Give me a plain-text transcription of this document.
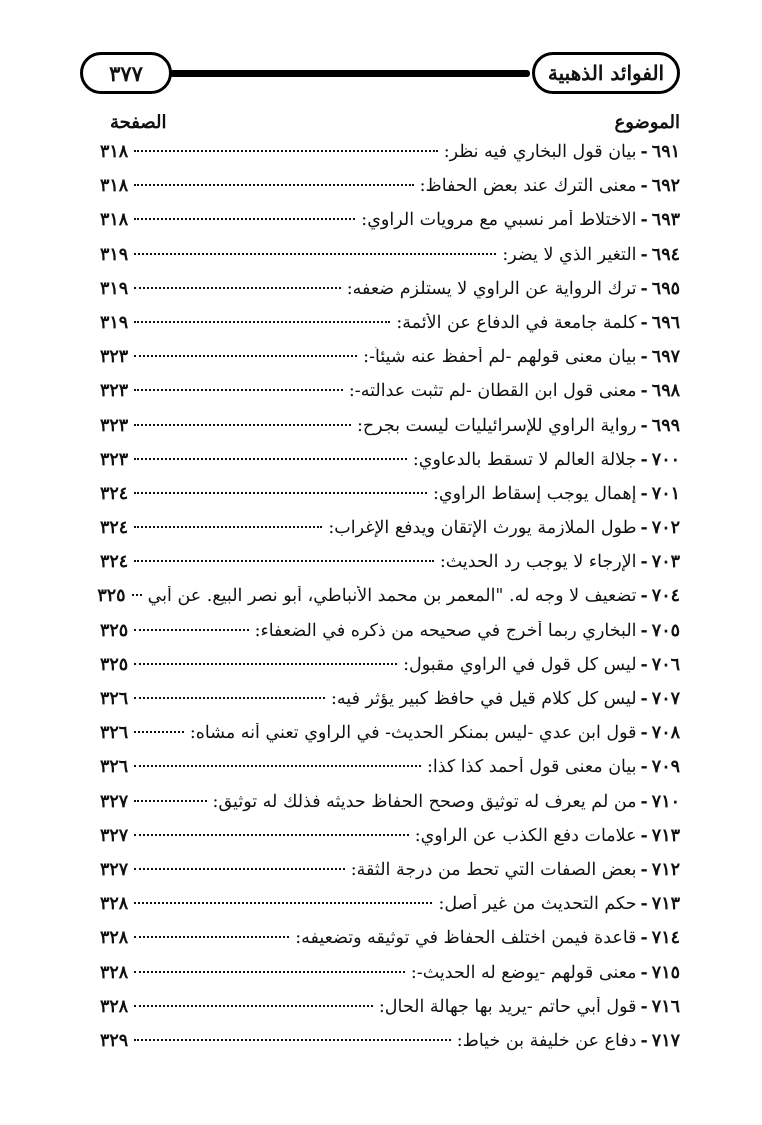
الفوائد الذهبية
٣٧٧
الموضوع
الصفحة
٦٩١
-
بيان قول البخاري فيه نظر:
٣١٨
٦٩٢
-
معنى الترك عند بعض الحفاظ:
٣١٨
٦٩٣
-
الاختلاط أمر نسبي مع مرويات الراوي:
٣١٨
٦٩٤
-
التغير الذي لا يضر:
٣١٩
٦٩٥
-
ترك الرواية عن الراوي لا يستلزم ضعفه:
٣١٩
٦٩٦
-
كلمة جامعة في الدفاع عن الأئمة:
٣١٩
٦٩٧
-
بيان معنى قولهم -لم أحفظ عنه شيئاً-:
٣٢٣
٦٩٨
-
معنى قول ابن القطان -لم تثبت عدالته-:
٣٢٣
٦٩٩
-
رواية الراوي للإسرائيليات ليست بجرح:
٣٢٣
٧٠٠
-
جلالة العالم لا تسقط بالدعاوي:
٣٢٣
٧٠١
-
إهمال يوجب إسقاط الراوي:
٣٢٤
٧٠٢
-
طول الملازمة يورث الإتقان ويدفع الإغراب:
٣٢٤
٧٠٣
-
الإرجاء لا يوجب رد الحديث:
٣٢٤
٧٠٤
-
تضعيف لا وجه له. "المعمر بن محمد الأنباطي، أبو نصر البيع. عن أبي
٣٢٥
٧٠٥
-
البخاري ربما أخرج في صحيحه من ذكره في الضعفاء:
٣٢٥
٧٠٦
-
ليس كل قول في الراوي مقبول:
٣٢٥
٧٠٧
-
ليس كل كلام قيل في حافظ كبير يؤثر فيه:
٣٢٦
٧٠٨
-
قول ابن عدي -ليس بمنكر الحديث- في الراوي تعني أنه مشاه:
٣٢٦
٧٠٩
-
بيان معنى قول أحمد كذا كذا:
٣٢٦
٧١٠
-
من لم يعرف له توثيق وصحح الحفاظ حديثه فذلك له توثيق:
٣٢٧
٧١٣
-
علامات دفع الكذب عن الراوي:
٣٢٧
٧١٢
-
بعض الصفات التي تحط من درجة الثقة:
٣٢٧
٧١٣
-
حكم التحديث من غير أصل:
٣٢٨
٧١٤
-
قاعدة فيمن اختلف الحفاظ في توثيقه وتضعيفه:
٣٢٨
٧١٥
-
معنى قولهم -يوضع له الحديث-:
٣٢٨
٧١٦
-
قول أبي حاتم -يريد بها جهالة الحال:
٣٢٨
٧١٧
-
دفاع عن خليفة بن خياط:
٣٢٩
